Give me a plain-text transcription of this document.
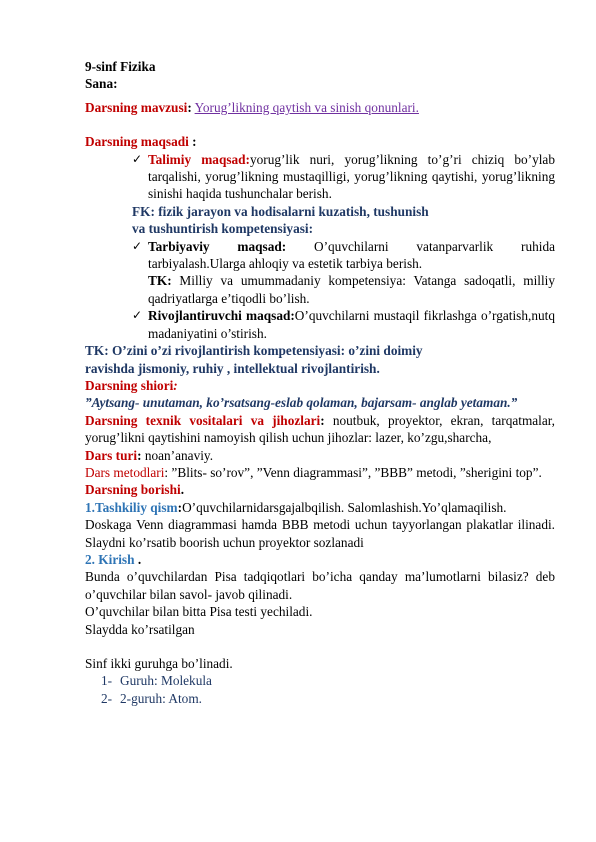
9-sinf Fizika

Sana:

Darsning mavzusi: Yorug’likning qaytish va sinish qonunlari.

Darsning maqsadi :

✓ Talimiy maqsad:yorug’lik nuri, yorug’likning to’g’ri chiziq bo’ylab tarqalishi, yorug’likning mustaqilligi, yorug’likning qaytishi, yorug’likning sinishi haqida tushunchalar berish.

FK: fizik jarayon va hodisalarni kuzatish, tushunish

va tushuntirish kompetensiyasi:

✓ Tarbiyaviy maqsad: O’quvchilarni vatanparvarlik ruhida tarbiyalash.Ularga ahloqiy va estetik tarbiya berish.

TK: Milliy va umummadaniy kompetensiya: Vatanga sadoqatli, milliy qadriyatlarga e’tiqodli bo’lish.

✓ Rivojlantiruvchi maqsad:O’quvchilarni mustaqil fikrlashga o’rgatish,nutq madaniyatini o’stirish.

TK: O’zini o’zi rivojlantirish kompetensiyasi: o’zini doimiy

ravishda jismoniy, ruhiy , intellektual rivojlantirish.

Darsning shiori:

”Aytsang- unutaman, ko’rsatsang-eslab qolaman, bajarsam- anglab yetaman.”

Darsning texnik vositalari va jihozlari: noutbuk, proyektor, ekran, tarqatmalar, yorug’likni qaytishini namoyish qilish uchun jihozlar: lazer, ko’zgu,sharcha,

Dars turi: noan’anaviy.

Dars metodlari: ”Blits- so’rov”, ”Venn diagrammasi”, ”BBB” metodi, ”sherigini top”.

Darsning borishi.

1.Tashkiliy qism:O’quvchilarnidarsgajalbqilish. Salomlashish.Yo’qlamaqilish.

Doskaga Venn diagrammasi hamda BBB metodi uchun tayyorlangan plakatlar ilinadi. Slaydni ko’rsatib boorish uchun proyektor sozlanadi

2. Kirish .

Bunda o’quvchilardan Pisa tadqiqotlari bo’icha qanday ma’lumotlarni bilasiz? deb o’quvchilar bilan savol- javob qilinadi.

O’quvchilar bilan bitta Pisa testi yechiladi.

Slaydda ko’rsatilgan

Sinf ikki guruhga bo’linadi.

1- Guruh: Molekula
2- 2-guruh: Atom.
